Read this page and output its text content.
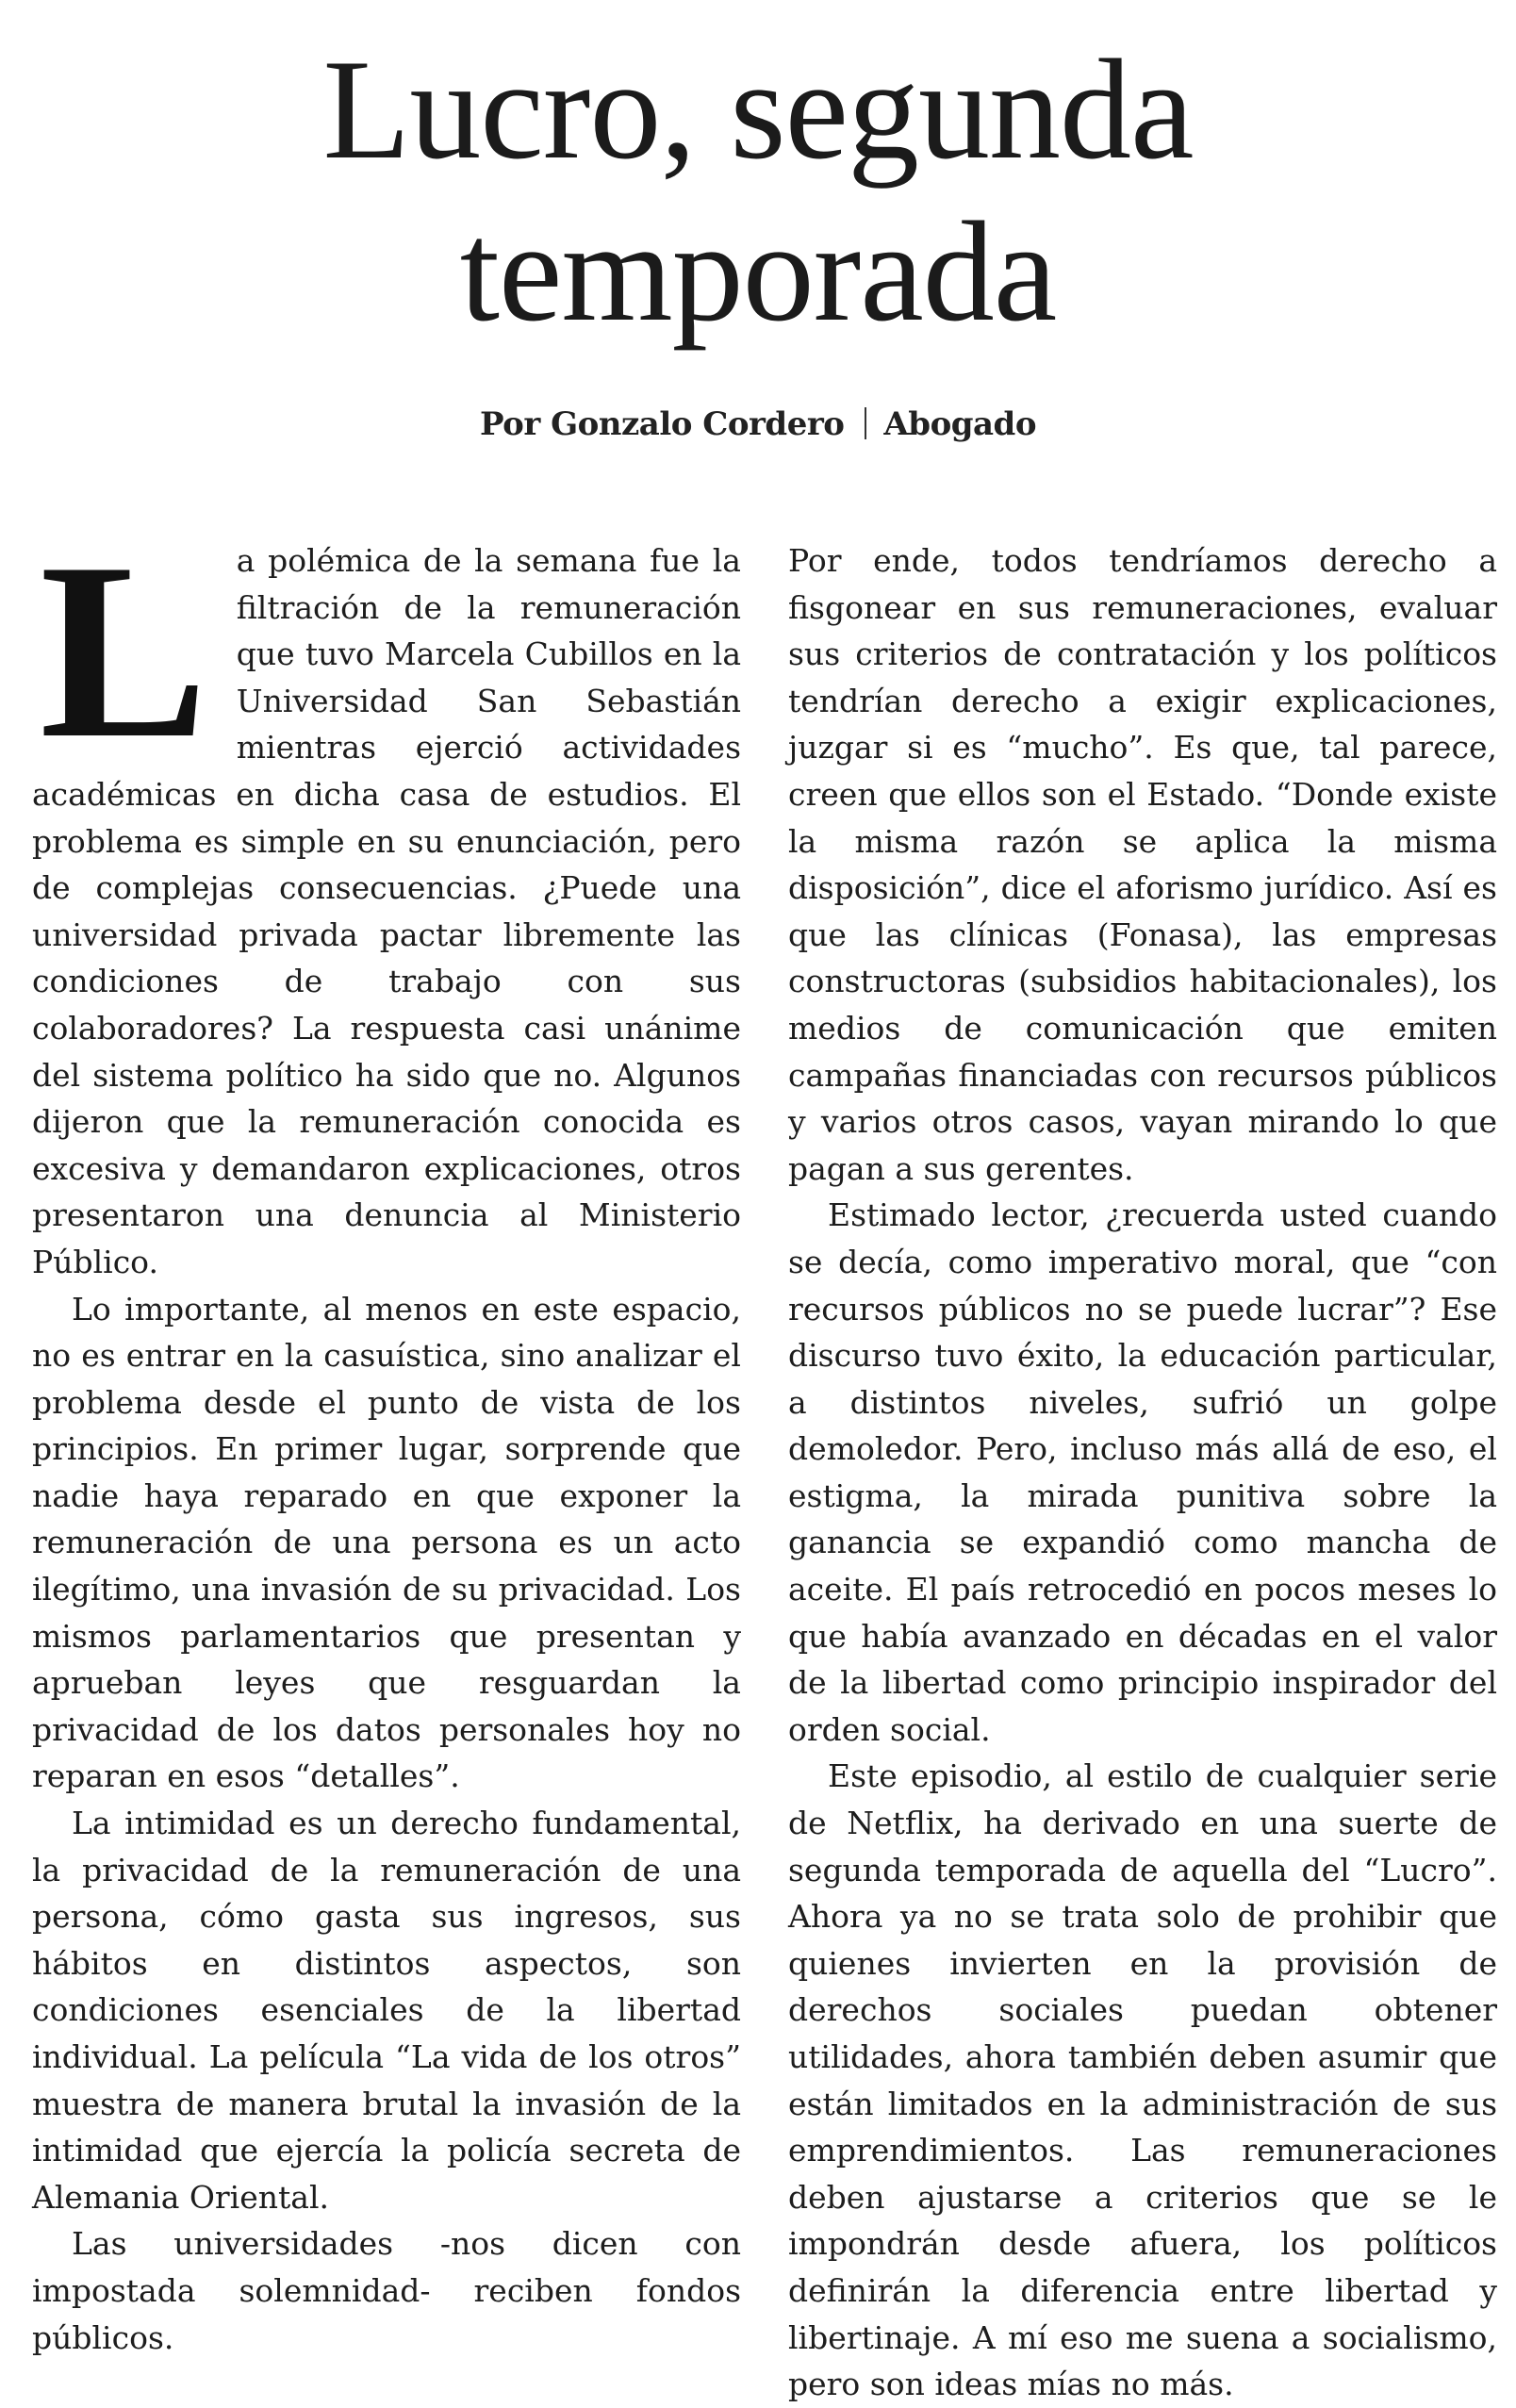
Lucro, segunda
temporada
Por Gonzalo Cordero Abogado

La polémica de la semana fue la filtración de la remuneración que tuvo Marcela Cubillos en la Universidad San Sebastián mientras ejerció actividades académicas en dicha casa de estudios. El problema es simple en su enunciación, pero de complejas consecuencias. ¿Puede una universidad privada pactar libremente las condiciones de trabajo con sus colaboradores? La respuesta casi unánime del sistema político ha sido que no. Algunos dijeron que la remuneración conocida es excesiva y demandaron explicaciones, otros presentaron una denuncia al Ministerio Público.

Lo importante, al menos en este espacio, no es entrar en la casuística, sino analizar el problema desde el punto de vista de los principios. En primer lugar, sorprende que nadie haya reparado en que exponer la remuneración de una persona es un acto ilegítimo, una invasión de su privacidad. Los mismos parlamentarios que presentan y aprueban leyes que resguardan la privacidad de los datos personales hoy no reparan en esos “detalles”.

La intimidad es un derecho fundamental, la privacidad de la remuneración de una persona, cómo gasta sus ingresos, sus hábitos en distintos aspectos, son condiciones esenciales de la libertad individual. La película “La vida de los otros” muestra de manera brutal la invasión de la intimidad que ejercía la policía secreta de Alemania Oriental.

Las universidades -nos dicen con impostada solemnidad- reciben fondos públicos.

Por ende, todos tendríamos derecho a fisgonear en sus remuneraciones, evaluar sus criterios de contratación y los políticos tendrían derecho a exigir explicaciones, juzgar si es “mucho”. Es que, tal parece, creen que ellos son el Estado. “Donde existe la misma razón se aplica la misma disposición”, dice el aforismo jurídico. Así es que las clínicas (Fonasa), las empresas constructoras (subsidios habitacionales), los medios de comunicación que emiten campañas financiadas con recursos públicos y varios otros casos, vayan mirando lo que pagan a sus gerentes.

Estimado lector, ¿recuerda usted cuando se decía, como imperativo moral, que “con recursos públicos no se puede lucrar”? Ese discurso tuvo éxito, la educación particular, a distintos niveles, sufrió un golpe demoledor. Pero, incluso más allá de eso, el estigma, la mirada punitiva sobre la ganancia se expandió como mancha de aceite. El país retrocedió en pocos meses lo que había avanzado en décadas en el valor de la libertad como principio inspirador del orden social.

Este episodio, al estilo de cualquier serie de Netflix, ha derivado en una suerte de segunda temporada de aquella del “Lucro”. Ahora ya no se trata solo de prohibir que quienes invierten en la provisión de derechos sociales puedan obtener utilidades, ahora también deben asumir que están limitados en la administración de sus emprendimientos. Las remuneraciones deben ajustarse a criterios que se le impondrán desde afuera, los políticos definirán la diferencia entre libertad y libertinaje. A mí eso me suena a socialismo, pero son ideas mías no más.
